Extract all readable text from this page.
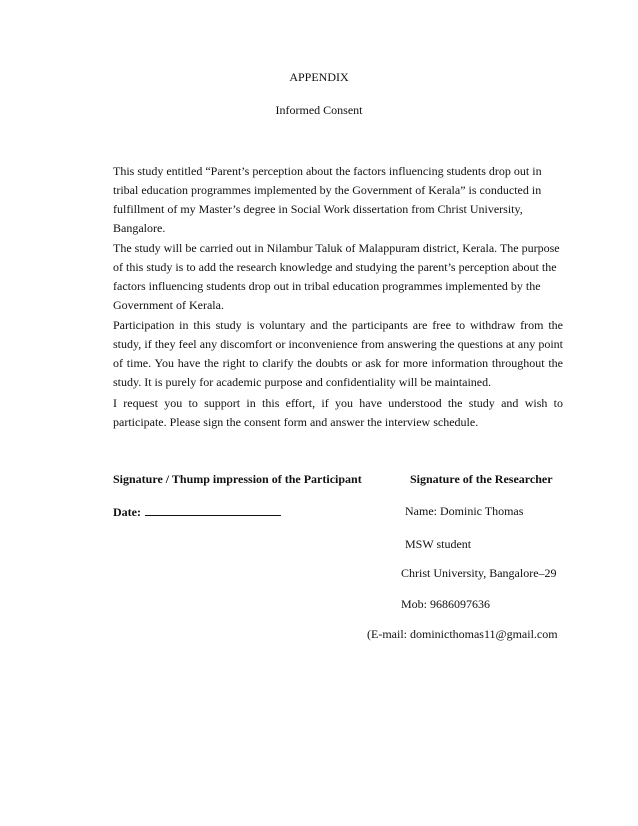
APPENDIX
Informed Consent

This study entitled “Parent’s perception about the factors influencing students drop out in tribal education programmes implemented by the Government of Kerala” is conducted in fulfillment of my Master’s degree in Social Work dissertation from Christ University, Bangalore.

The study will be carried out in Nilambur Taluk of Malappuram district, Kerala. The purpose of this study is to add the research knowledge and studying the parent’s perception about the factors influencing students drop out in tribal education programmes implemented by the Government of Kerala.

Participation in this study is voluntary and the participants are free to withdraw from the study, if they feel any discomfort or inconvenience from answering the questions at any point of time. You have the right to clarify the doubts or ask for more information throughout the study. It is purely for academic purpose and confidentiality will be maintained.

I request you to support in this effort, if you have understood the study and wish to participate. Please sign the consent form and answer the interview schedule.

Signature / Thump impression of the Participant	Signature of the Researcher
Date:	Name: Dominic Thomas
MSW student
Christ University, Bangalore–29
Mob: 9686097636
(E-mail: dominicthomas11@gmail.com
